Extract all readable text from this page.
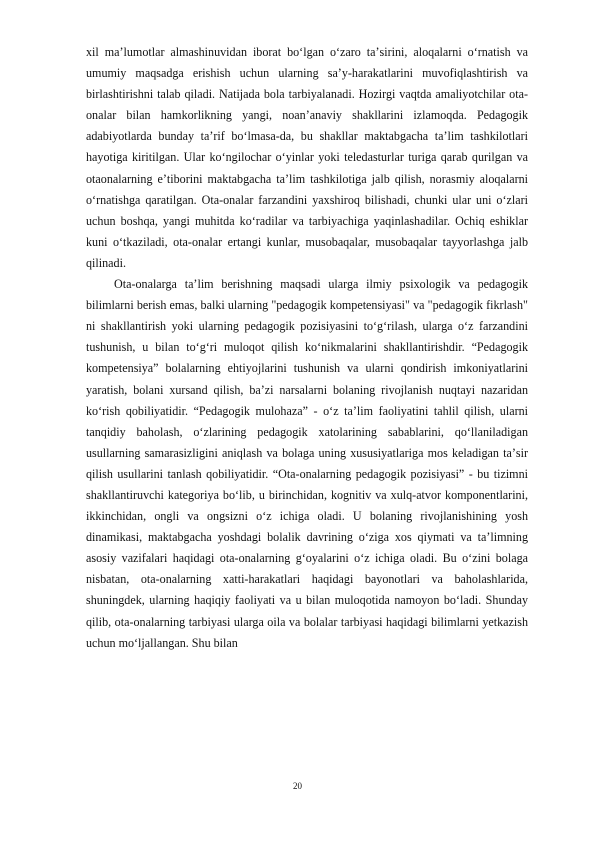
xil maʼlumotlar almashinuvidan iborat boʻlgan oʻzaro taʼsirini, aloqalarni oʻrnatish va umumiy maqsadga erishish uchun ularning saʼy-harakatlarini muvofiqlashtirish va birlashtirishni talab qiladi. Natijada bola tarbiyalanadi. Hozirgi vaqtda amaliyotchilar ota-onalar bilan hamkorlikning yangi, noanʼanaviy shakllarini izlamoqda. Pedagogik adabiyotlarda bunday taʼrif boʻlmasa-da, bu shakllar maktabgacha taʼlim tashkilotlari hayotiga kiritilgan. Ular koʻngilochar oʻyinlar yoki teledasturlar turiga qarab qurilgan va otaonalarning eʼtiborini maktabgacha taʼlim tashkilotiga jalb qilish, norasmiy aloqalarni oʻrnatishga qaratilgan. Ota-onalar farzandini yaxshiroq bilishadi, chunki ular uni oʻzlari uchun boshqa, yangi muhitda koʻradilar va tarbiyachiga yaqinlashadilar. Ochiq eshiklar kuni oʻtkaziladi, ota-onalar ertangi kunlar, musobaqalar, musobaqalar tayyorlashga jalb qilinadi.

Ota-onalarga taʼlim berishning maqsadi ularga ilmiy psixologik va pedagogik bilimlarni berish emas, balki ularning "pedagogik kompetensiyasi" va "pedagogik fikrlash" ni shakllantirish yoki ularning pedagogik pozisiyasini toʻgʻrilash, ularga oʻz farzandini tushunish, u bilan toʻgʻri muloqot qilish koʻnikmalarini shakllantirishdir. “Pedagogik kompetensiya” bolalarning ehtiyojlarini tushunish va ularni qondirish imkoniyatlarini yaratish, bolani xursand qilish, baʼzi narsalarni bolaning rivojlanish nuqtayi nazaridan koʻrish qobiliyatidir. “Pedagogik mulohaza” - oʻz taʼlim faoliyatini tahlil qilish, ularni tanqidiy baholash, oʻzlarining pedagogik xatolarining sabablarini, qoʻllaniladigan usullarning samarasizligini aniqlash va bolaga uning xususiyatlariga mos keladigan taʼsir qilish usullarini tanlash qobiliyatidir. “Ota-onalarning pedagogik pozisiyasi” - bu tizimni shakllantiruvchi kategoriya boʻlib, u birinchidan, kognitiv va xulq-atvor komponentlarini, ikkinchidan, ongli va ongsizni oʻz ichiga oladi. U bolaning rivojlanishining yosh dinamikasi, maktabgacha yoshdagi bolalik davrining oʻziga xos qiymati va taʼlimning asosiy vazifalari haqidagi ota-onalarning gʻoyalarini oʻz ichiga oladi. Bu oʻzini bolaga nisbatan, ota-onalarning xatti-harakatlari haqidagi bayonotlari va baholashlarida, shuningdek, ularning haqiqiy faoliyati va u bilan muloqotida namoyon boʻladi. Shunday qilib, ota-onalarning tarbiyasi ularga oila va bolalar tarbiyasi haqidagi bilimlarni yetkazish uchun moʻljallangan. Shu bilan

20
